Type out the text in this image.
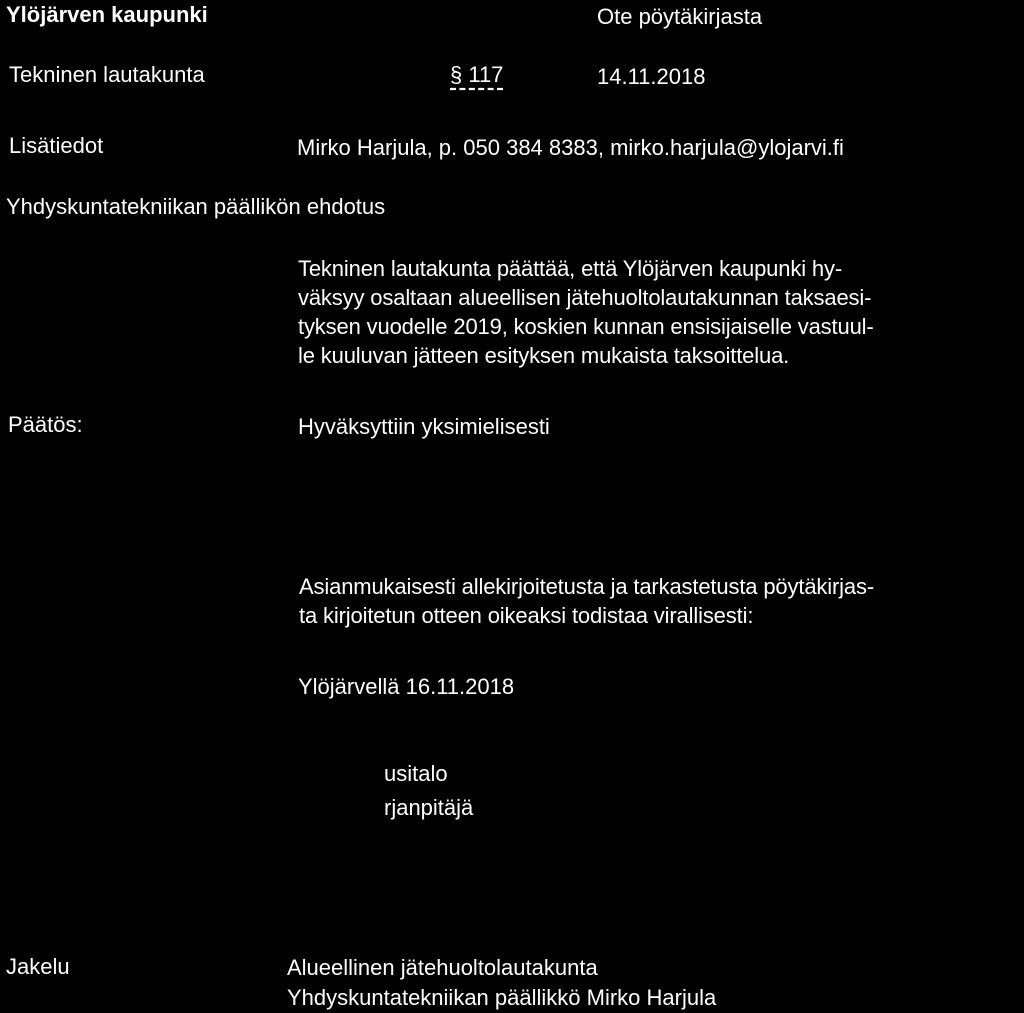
Ylöjärven kaupunki	Ote pöytäkirjasta
Tekninen lautakunta	§ 117	14.11.2018
Lisätiedot	Mirko Harjula, p. 050 384 8383, mirko.harjula@ylojarvi.fi
Yhdyskuntatekniikan päällikön ehdotus
Tekninen lautakunta päättää, että Ylöjärven kaupunki hy-
väksyy osaltaan alueellisen jätehuoltolautakunnan taksaesi-
tyksen vuodelle 2019, koskien kunnan ensisijaiselle vastuul-
le kuuluvan jätteen esityksen mukaista taksoittelua.
Päätös:	Hyväksyttiin yksimielisesti
Asianmukaisesti allekirjoitetusta ja tarkastetusta pöytäkirjas-
ta kirjoitetun otteen oikeaksi todistaa virallisesti:
Ylöjärvellä 16.11.2018
usitalo
rjanpitäjä
Jakelu	Alueellinen jätehuoltolautakunta
Yhdyskuntatekniikan päällikkö Mirko Harjula
